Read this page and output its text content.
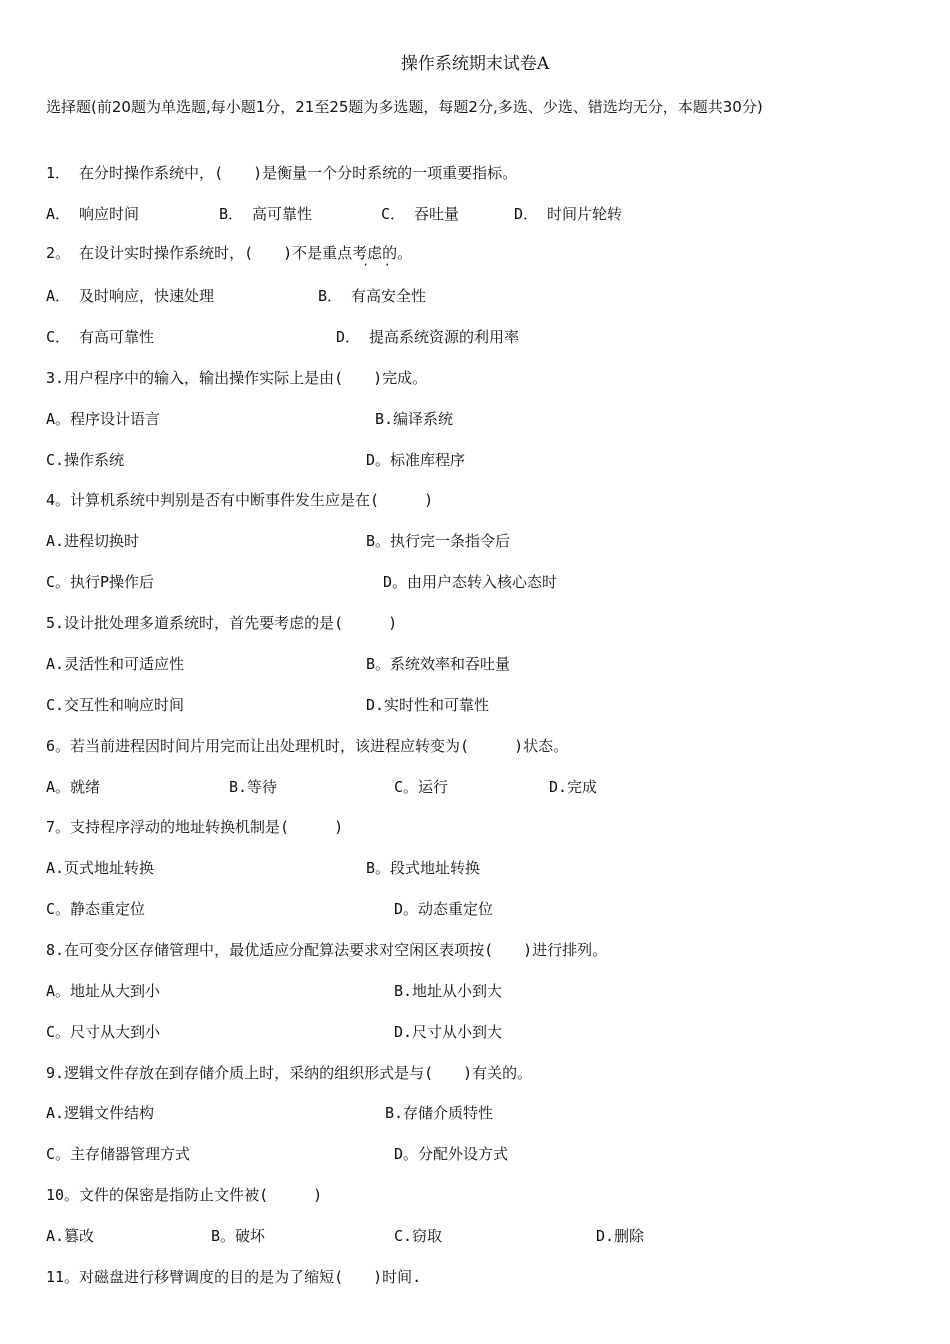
操作系统期末试卷A
选择题(前20题为单选题,每小题1分，21至25题为多选题，每题2分,多选、少选、错选均无分，本题共30分)
1． 在分时操作系统中，(　　)是衡量一个分时系统的一项重要指标。
A． 响应时间	B． 高可靠性	C． 吞吐量	D． 时间片轮转
2。 在设计实时操作系统时，(　　)不是重点考虑的。
·  ·
A． 及时响应，快速处理	B． 有高安全性
C． 有高可靠性	D． 提高系统资源的利用率
3.用户程序中的输入，输出操作实际上是由(　　)完成。
A。程序设计语言	B.编译系统
C.操作系统	D。标准库程序
4。计算机系统中判别是否有中断事件发生应是在(　　　)
A.进程切换时	B。执行完一条指令后
C。执行P操作后	D。由用户态转入核心态时
5.设计批处理多道系统时，首先要考虑的是(　　　)
A.灵活性和可适应性	B。系统效率和吞吐量
C.交互性和响应时间	D.实时性和可靠性
6。若当前进程因时间片用完而让出处理机时，该进程应转变为(　　　)状态。
A。就绪	B.等待	C。运行	D.完成
7。支持程序浮动的地址转换机制是(　　　)
A.页式地址转换	B。段式地址转换
C。静态重定位	D。动态重定位
8.在可变分区存储管理中，最优适应分配算法要求对空闲区表项按(　　)进行排列。
A。地址从大到小	B.地址从小到大
C。尺寸从大到小	D.尺寸从小到大
9.逻辑文件存放在到存储介质上时，采纳的组织形式是与(　　)有关的。
A.逻辑文件结构	B.存储介质特性
C。主存储器管理方式	D。分配外设方式
10。文件的保密是指防止文件被(　　　)
A.篡改	B。破坏	C.窃取	D.删除
11。对磁盘进行移臂调度的目的是为了缩短(　　)时间.
